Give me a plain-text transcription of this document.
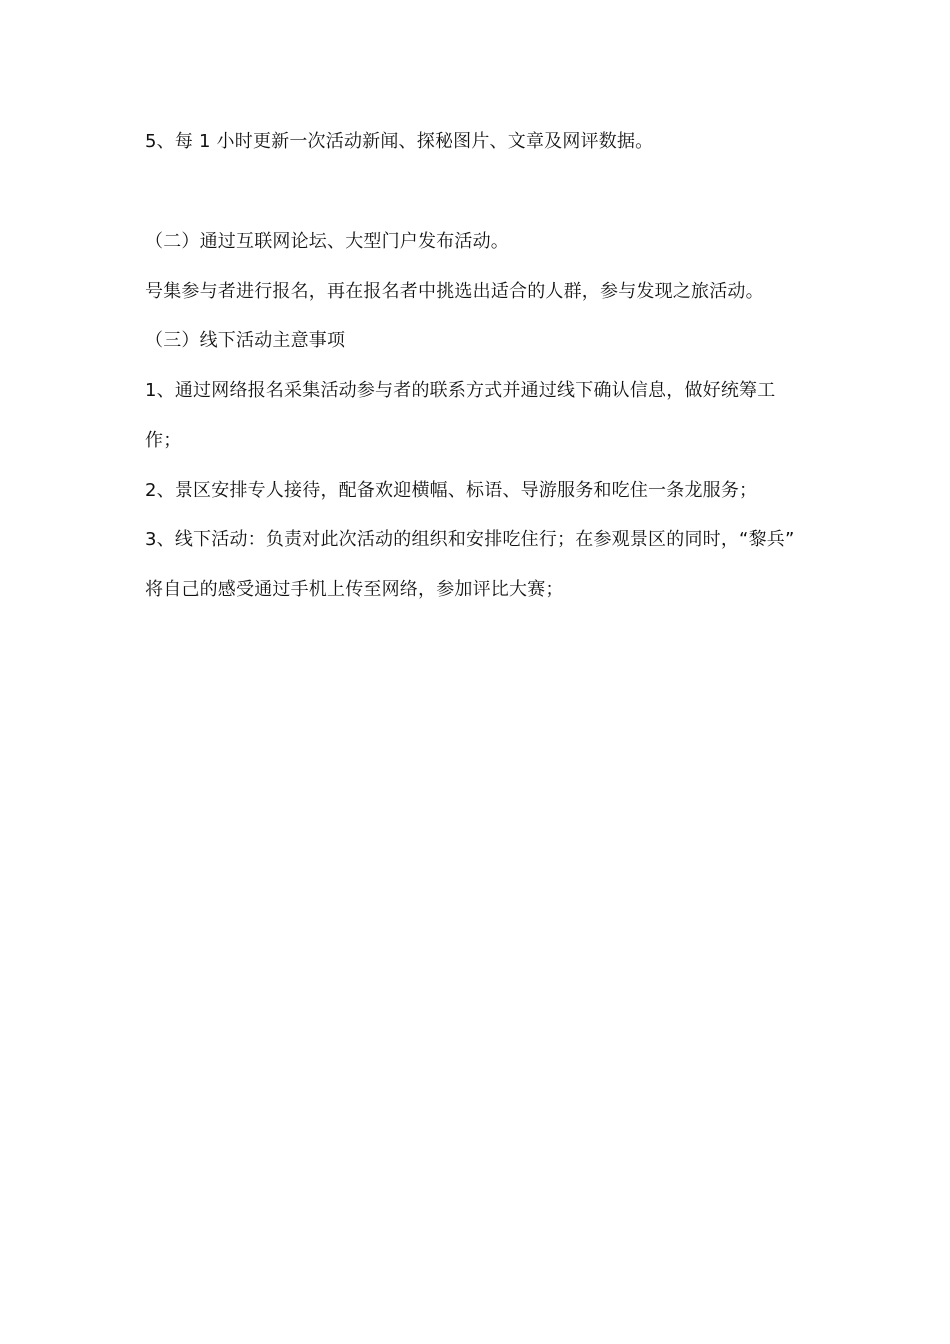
5、每 1 小时更新一次活动新闻、探秘图片、文章及网评数据。
（二）通过互联网论坛、大型门户发布活动。
号集参与者进行报名，再在报名者中挑选出适合的人群，参与发现之旅活动。
（三）线下活动主意事项
1、通过网络报名采集活动参与者的联系方式并通过线下确认信息，做好统筹工
作；
2、景区安排专人接待，配备欢迎横幅、标语、导游服务和吃住一条龙服务；
3、线下活动：负责对此次活动的组织和安排吃住行；在参观景区的同时，“黎兵”
将自己的感受通过手机上传至网络，参加评比大赛；
